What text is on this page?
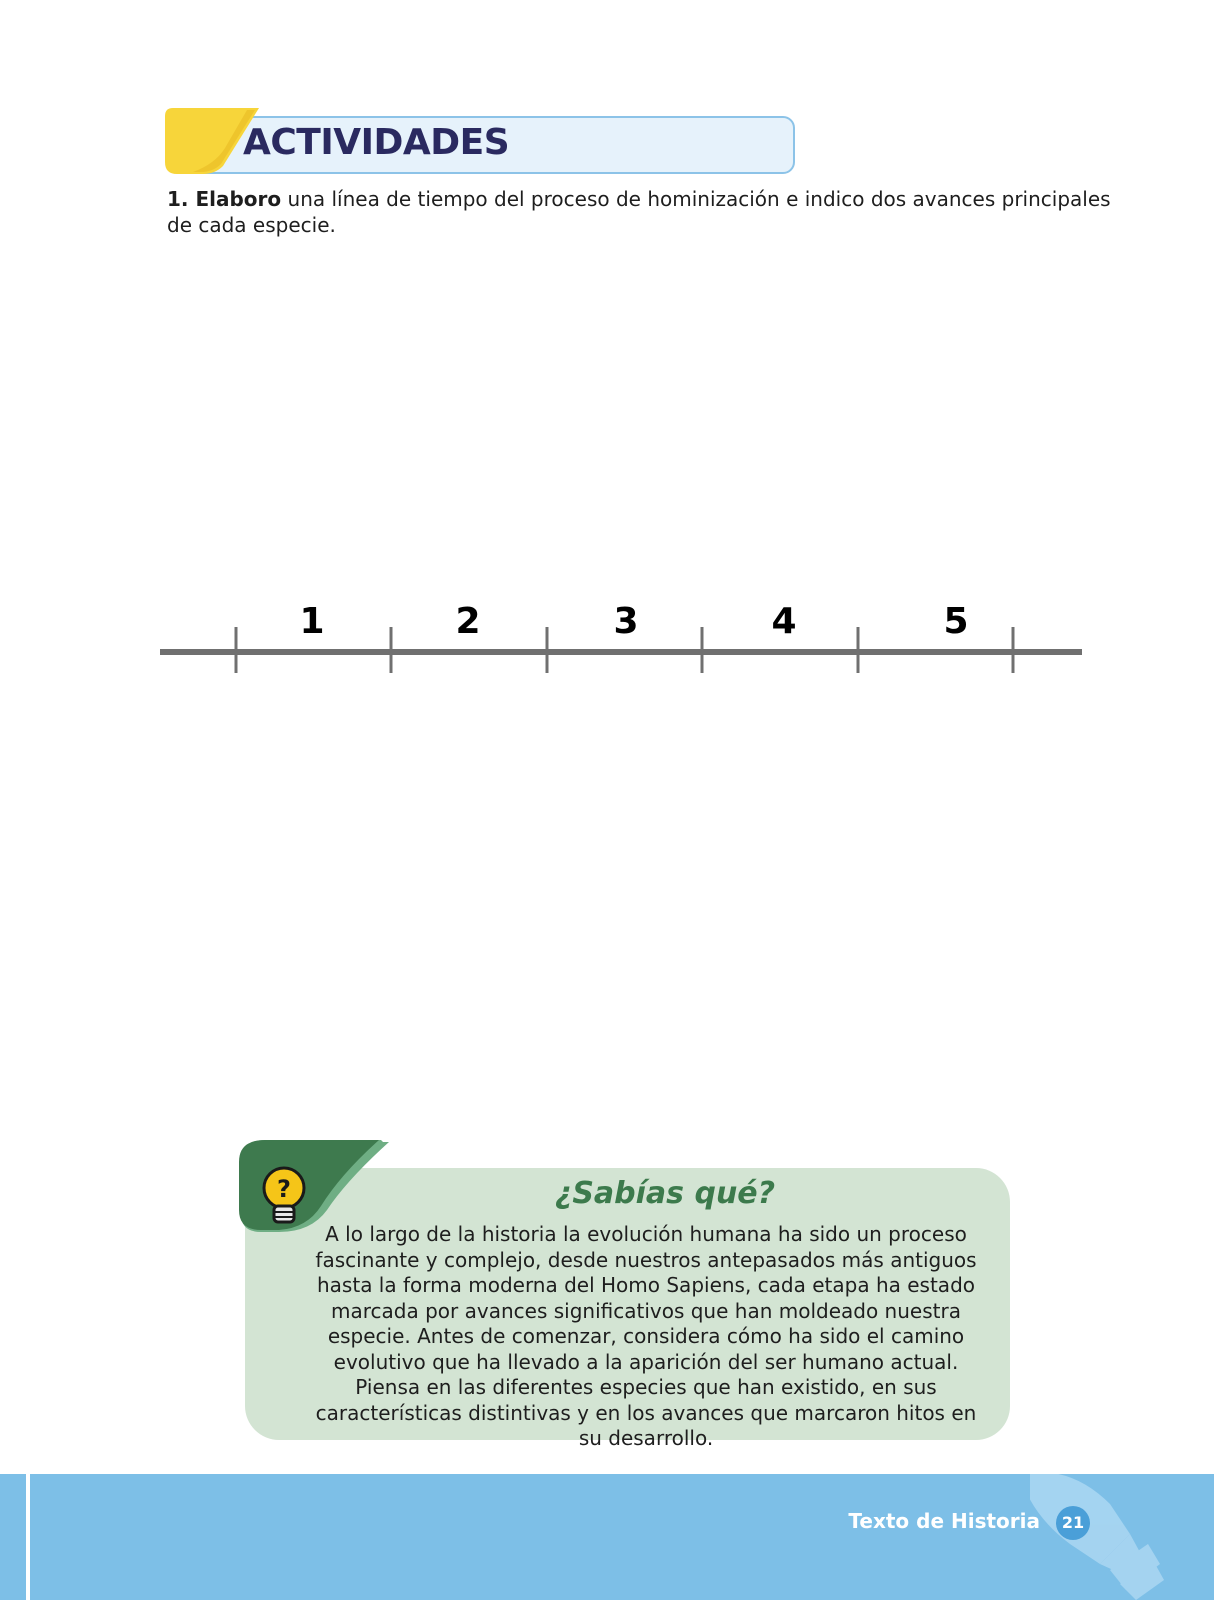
ACTIVIDADES
1. Elaboro una línea de tiempo del proceso de hominización e indico dos avances principales de cada especie.
1	2	3	4	5
?	¿Sabías qué?
A lo largo de la historia la evolución humana ha sido un proceso fascinante y complejo, desde nuestros antepasados más antiguos hasta la forma moderna del Homo Sapiens, cada etapa ha estado marcada por avances significativos que han moldeado nuestra especie. Antes de comenzar, considera cómo ha sido el camino evolutivo que ha llevado a la aparición del ser humano actual. Piensa en las diferentes especies que han existido, en sus características distintivas y en los avances que marcaron hitos en su desarrollo.
Texto de Historia	21
